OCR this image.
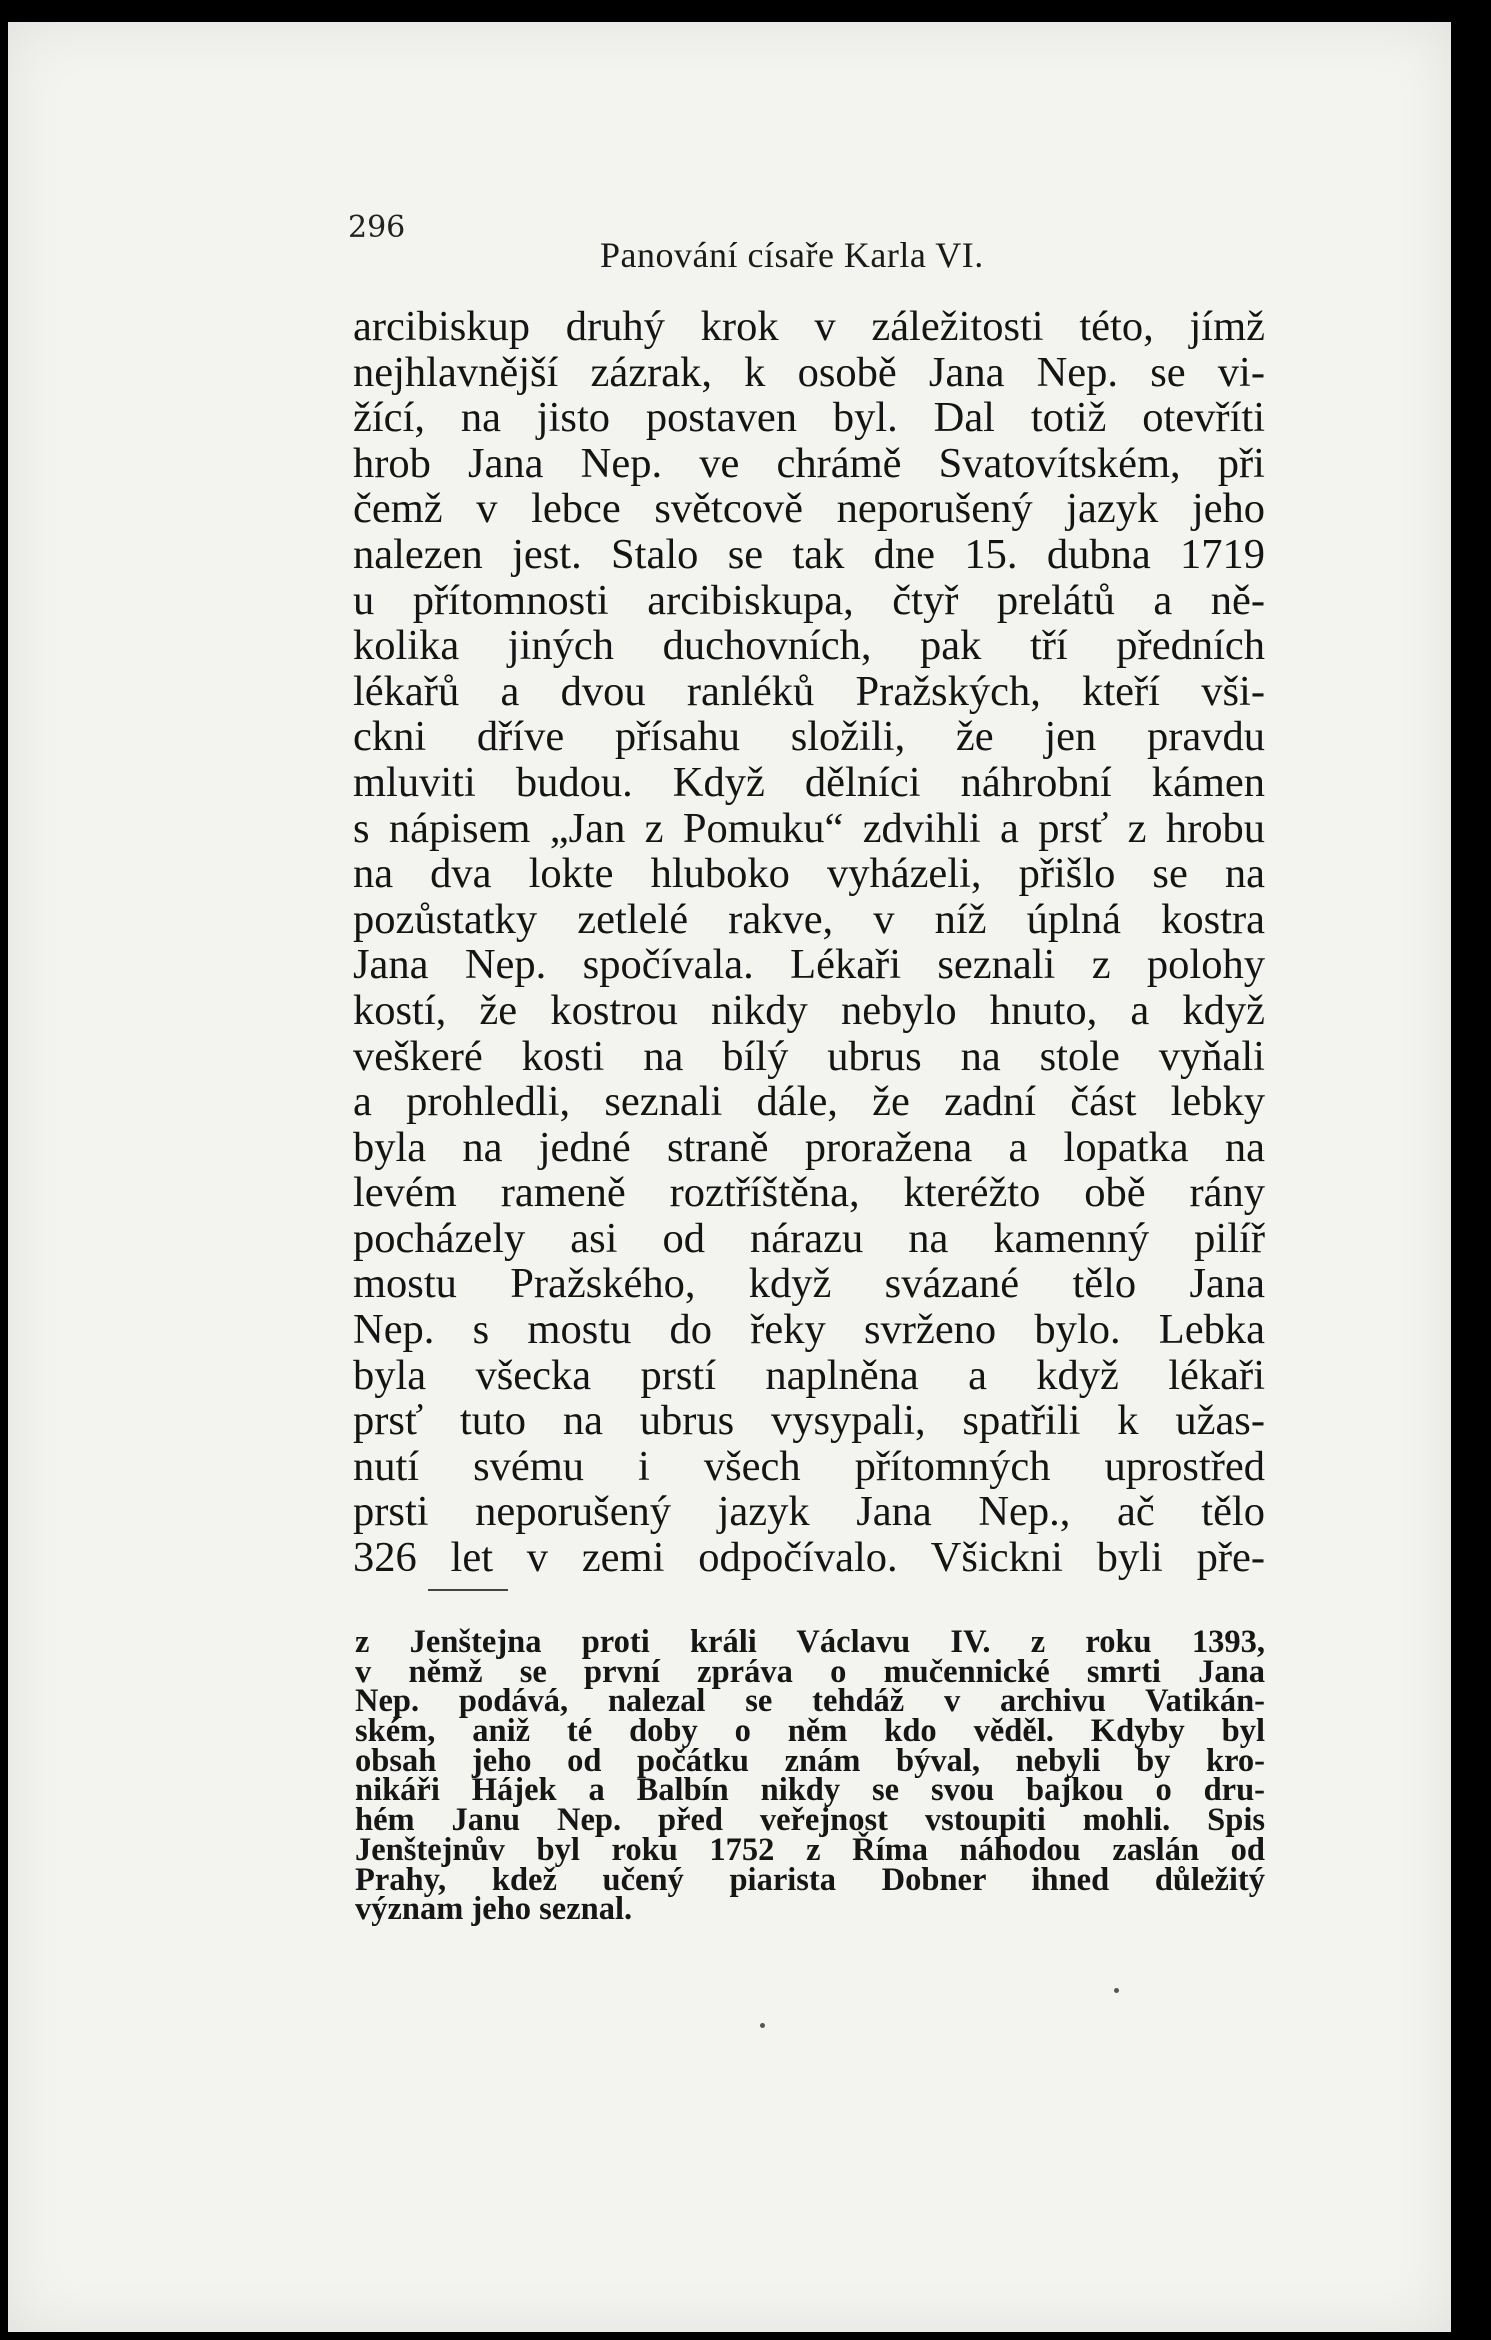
296
Panování císaře Karla VI.
arcibiskup druhý krok v záležitosti této, jímž
nejhlavnější zázrak, k osobě Jana Nep. se vi-
žící, na jisto postaven byl. Dal totiž otevříti
hrob Jana Nep. ve chrámě Svatovítském, při
čemž v lebce světcově neporušený jazyk jeho
nalezen jest. Stalo se tak dne 15. dubna 1719
u přítomnosti arcibiskupa, čtyř prelátů a ně-
kolika jiných duchovních, pak tří předních
lékařů a dvou ranléků Pražských, kteří vši-
ckni dříve přísahu složili, že jen pravdu
mluviti budou. Když dělníci náhrobní kámen
s nápisem „Jan z Pomuku“ zdvihli a prsť z hrobu
na dva lokte hluboko vyházeli, přišlo se na
pozůstatky zetlelé rakve, v níž úplná kostra
Jana Nep. spočívala. Lékaři seznali z polohy
kostí, že kostrou nikdy nebylo hnuto, a když
veškeré kosti na bílý ubrus na stole vyňali
a prohledli, seznali dále, že zadní část lebky
byla na jedné straně proražena a lopatka na
levém rameně roztříštěna, kteréžto obě rány
pocházely asi od nárazu na kamenný pilíř
mostu Pražského, když svázané tělo Jana
Nep. s mostu do řeky svrženo bylo. Lebka
byla všecka prstí naplněna a když lékaři
prsť tuto na ubrus vysypali, spatřili k užas-
nutí svému i všech přítomných uprostřed
prsti neporušený jazyk Jana Nep., ač tělo
326 let v zemi odpočívalo. Všickni byli pře-
z Jenštejna proti králi Václavu IV. z roku 1393,
v němž se první zpráva o mučennické smrti Jana
Nep. podává, nalezal se tehdáž v archivu Vatikán-
ském, aniž té doby o něm kdo věděl. Kdyby byl
obsah jeho od počátku znám býval, nebyli by kro-
nikáři Hájek a Balbín nikdy se svou bajkou o dru-
hém Janu Nep. před veřejnost vstoupiti mohli. Spis
Jenštejnův byl roku 1752 z Říma náhodou zaslán od
Prahy, kdež učený piarista Dobner ihned důležitý
význam jeho seznal.
